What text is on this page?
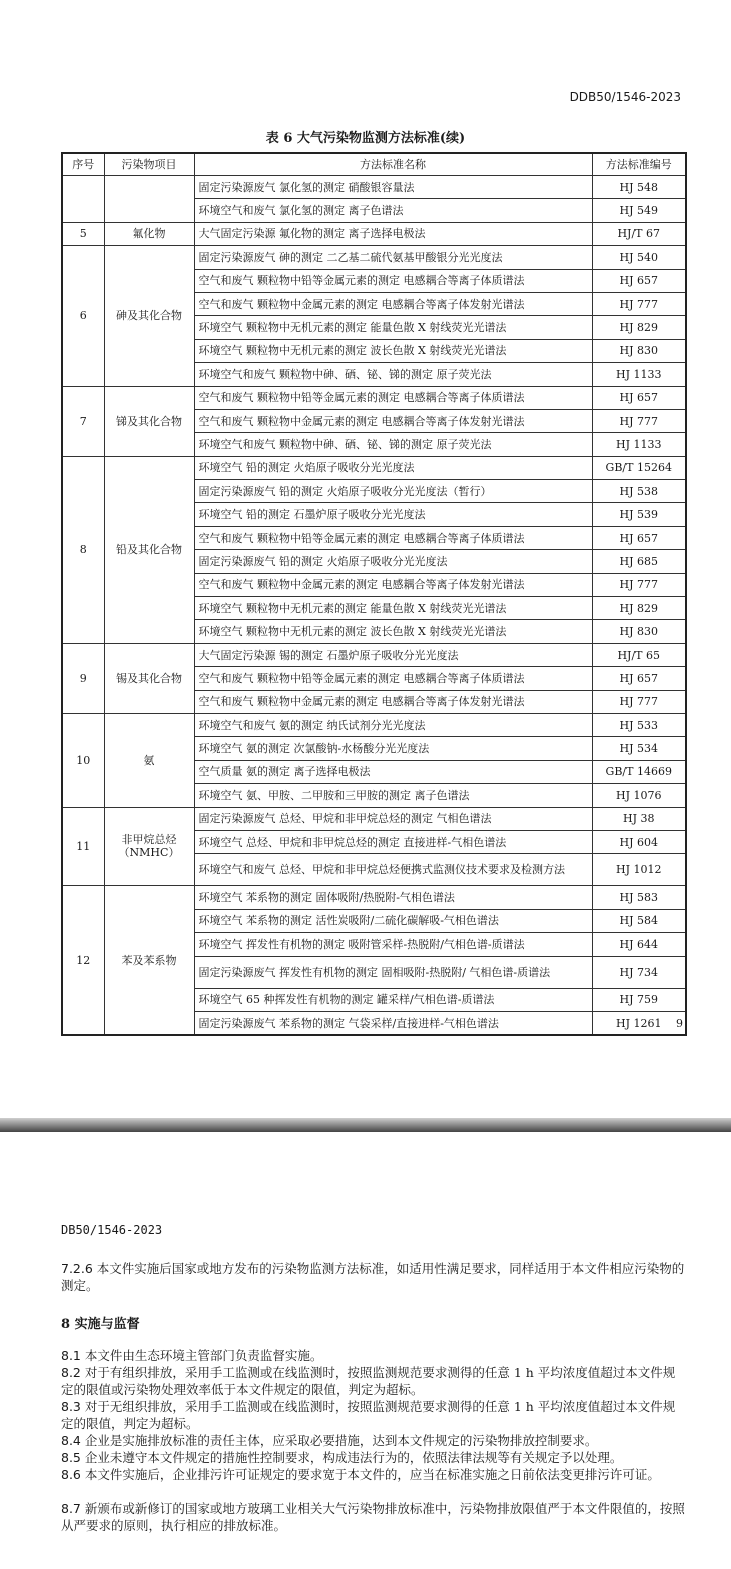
DDB50/1546-2023
表 6 大气污染物监测方法标准(续)
序号	污染物项目	方法标准名称	方法标准编号
		固定污染源废气 氯化氢的测定 硝酸银容量法	HJ 548
		环境空气和废气 氯化氢的测定 离子色谱法	HJ 549
5	氟化物	大气固定污染源 氟化物的测定 离子选择电极法	HJ/T 67
6	砷及其化合物	固定污染源废气 砷的测定 二乙基二硫代氨基甲酸银分光光度法	HJ 540
		空气和废气 颗粒物中铅等金属元素的测定 电感耦合等离子体质谱法	HJ 657
		空气和废气 颗粒物中金属元素的测定 电感耦合等离子体发射光谱法	HJ 777
		环境空气 颗粒物中无机元素的测定 能量色散 X 射线荧光光谱法	HJ 829
		环境空气 颗粒物中无机元素的测定 波长色散 X 射线荧光光谱法	HJ 830
		环境空气和废气 颗粒物中砷、硒、铋、锑的测定 原子荧光法	HJ 1133
7	锑及其化合物	空气和废气 颗粒物中铅等金属元素的测定 电感耦合等离子体质谱法	HJ 657
		空气和废气 颗粒物中金属元素的测定 电感耦合等离子体发射光谱法	HJ 777
		环境空气和废气 颗粒物中砷、硒、铋、锑的测定 原子荧光法	HJ 1133
8	铅及其化合物	环境空气 铅的测定 火焰原子吸收分光光度法	GB/T 15264
		固定污染源废气 铅的测定 火焰原子吸收分光光度法（暂行）	HJ 538
		环境空气 铅的测定 石墨炉原子吸收分光光度法	HJ 539
		空气和废气 颗粒物中铅等金属元素的测定 电感耦合等离子体质谱法	HJ 657
		固定污染源废气 铅的测定 火焰原子吸收分光光度法	HJ 685
		空气和废气 颗粒物中金属元素的测定 电感耦合等离子体发射光谱法	HJ 777
		环境空气 颗粒物中无机元素的测定 能量色散 X 射线荧光光谱法	HJ 829
		环境空气 颗粒物中无机元素的测定 波长色散 X 射线荧光光谱法	HJ 830
9	锡及其化合物	大气固定污染源 锡的测定 石墨炉原子吸收分光光度法	HJ/T 65
		空气和废气 颗粒物中铅等金属元素的测定 电感耦合等离子体质谱法	HJ 657
		空气和废气 颗粒物中金属元素的测定 电感耦合等离子体发射光谱法	HJ 777
10	氨	环境空气和废气 氨的测定 纳氏试剂分光光度法	HJ 533
		环境空气 氨的测定 次氯酸钠-水杨酸分光光度法	HJ 534
		空气质量 氨的测定 离子选择电极法	GB/T 14669
		环境空气 氨、甲胺、二甲胺和三甲胺的测定 离子色谱法	HJ 1076
11	非甲烷总烃（NMHC）	固定污染源废气 总烃、甲烷和非甲烷总烃的测定 气相色谱法	HJ 38
		环境空气 总烃、甲烷和非甲烷总烃的测定 直接进样-气相色谱法	HJ 604
		环境空气和废气 总烃、甲烷和非甲烷总烃便携式监测仪技术要求及检测方法	HJ 1012
12	苯及苯系物	环境空气 苯系物的测定 固体吸附/热脱附-气相色谱法	HJ 583
		环境空气 苯系物的测定 活性炭吸附/二硫化碳解吸-气相色谱法	HJ 584
		环境空气 挥发性有机物的测定 吸附管采样-热脱附/气相色谱-质谱法	HJ 644
		固定污染源废气 挥发性有机物的测定 固相吸附-热脱附/ 气相色谱-质谱法	HJ 734
		环境空气 65 种挥发性有机物的测定 罐采样/气相色谱-质谱法	HJ 759
		固定污染源废气 苯系物的测定 气袋采样/直接进样-气相色谱法	HJ 1261 9
DB50/1546-2023

7.2.6 本文件实施后国家或地方发布的污染物监测方法标准，如适用性满足要求，同样适用于本文件相应污染物的测定。

8 实施与监督

8.1 本文件由生态环境主管部门负责监督实施。

8.2 对于有组织排放，采用手工监测或在线监测时，按照监测规范要求测得的任意 1 h 平均浓度值超过本文件规定的限值或污染物处理效率低于本文件规定的限值，判定为超标。

8.3 对于无组织排放，采用手工监测或在线监测时，按照监测规范要求测得的任意 1 h 平均浓度值超过本文件规定的限值，判定为超标。

8.4 企业是实施排放标准的责任主体，应采取必要措施，达到本文件规定的污染物排放控制要求。

8.5 企业未遵守本文件规定的措施性控制要求，构成违法行为的，依照法律法规等有关规定予以处理。

8.6 本文件实施后，企业排污许可证规定的要求宽于本文件的，应当在标准实施之日前依法变更排污许可证。

8.7 新颁布或新修订的国家或地方玻璃工业相关大气污染物排放标准中，污染物排放限值严于本文件限值的，按照从严要求的原则，执行相应的排放标准。
